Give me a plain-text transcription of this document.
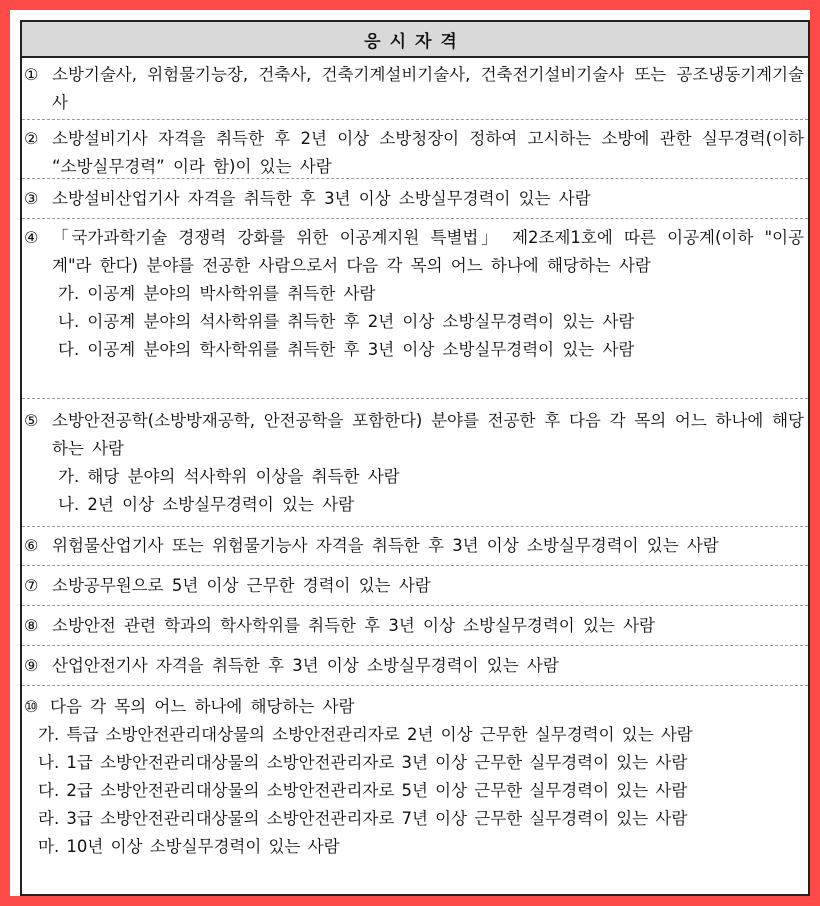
응시자격
① 소방기술사, 위험물기능장, 건축사, 건축기계설비기술사, 건축전기설비기술사 또는 공조냉동기계기술사
② 소방설비기사 자격을 취득한 후 2년 이상 소방청장이 정하여 고시하는 소방에 관한 실무경력(이하 “소방실무경력” 이라 함)이 있는 사람
③ 소방설비산업기사 자격을 취득한 후 3년 이상 소방실무경력이 있는 사람
④ 「국가과학기술 경쟁력 강화를 위한 이공계지원 특별법」 제2조제1호에 따른 이공계(이하 "이공계"라 한다) 분야를 전공한 사람으로서 다음 각 목의 어느 하나에 해당하는 사람
가. 이공계 분야의 박사학위를 취득한 사람
나. 이공계 분야의 석사학위를 취득한 후 2년 이상 소방실무경력이 있는 사람
다. 이공계 분야의 학사학위를 취득한 후 3년 이상 소방실무경력이 있는 사람
⑤ 소방안전공학(소방방재공학, 안전공학을 포함한다) 분야를 전공한 후 다음 각 목의 어느 하나에 해당하는 사람
가. 해당 분야의 석사학위 이상을 취득한 사람
나. 2년 이상 소방실무경력이 있는 사람
⑥ 위험물산업기사 또는 위험물기능사 자격을 취득한 후 3년 이상 소방실무경력이 있는 사람
⑦ 소방공무원으로 5년 이상 근무한 경력이 있는 사람
⑧ 소방안전 관련 학과의 학사학위를 취득한 후 3년 이상 소방실무경력이 있는 사람
⑨ 산업안전기사 자격을 취득한 후 3년 이상 소방실무경력이 있는 사람
⑩ 다음 각 목의 어느 하나에 해당하는 사람
가. 특급 소방안전관리대상물의 소방안전관리자로 2년 이상 근무한 실무경력이 있는 사람
나. 1급 소방안전관리대상물의 소방안전관리자로 3년 이상 근무한 실무경력이 있는 사람
다. 2급 소방안전관리대상물의 소방안전관리자로 5년 이상 근무한 실무경력이 있는 사람
라. 3급 소방안전관리대상물의 소방안전관리자로 7년 이상 근무한 실무경력이 있는 사람
마. 10년 이상 소방실무경력이 있는 사람
